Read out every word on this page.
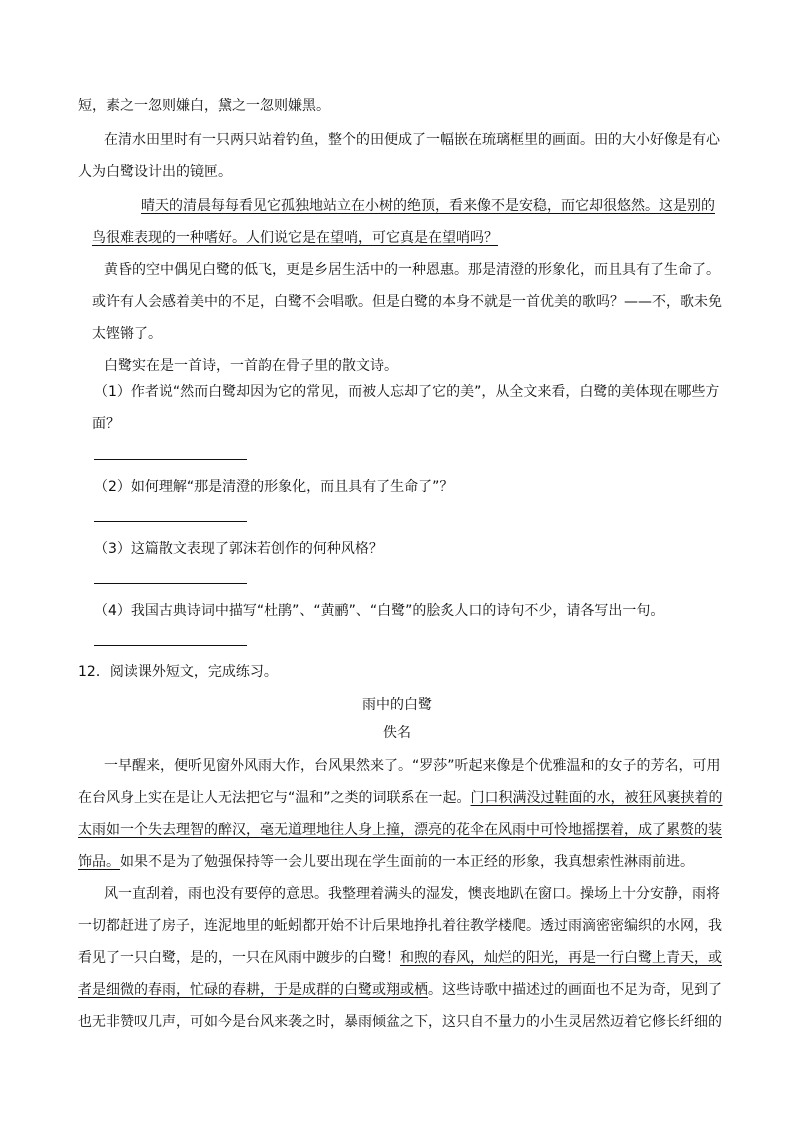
短，素之一忽则嫌白，黛之一忽则嫌黑。
在清水田里时有一只两只站着钓鱼，整个的田便成了一幅嵌在琉璃框里的画面。田的大小好像是有心
人为白鹭设计出的镜匣。
晴天的清晨每每看见它孤独地站立在小树的绝顶，看来像不是安稳，而它却很悠然。这是别的
鸟很难表现的一种嗜好。人们说它是在望哨，可它真是在望哨吗？
黄昏的空中偶见白鹭的低飞，更是乡居生活中的一种恩惠。那是清澄的形象化，而且具有了生命了。
或许有人会感着美中的不足，白鹭不会唱歌。但是白鹭的本身不就是一首优美的歌吗？——不，歌未免
太铿锵了。
白鹭实在是一首诗，一首韵在骨子里的散文诗。
（1）作者说“然而白鹭却因为它的常见，而被人忘却了它的美”，从全文来看，白鹭的美体现在哪些方
面？
（2）如何理解“那是清澄的形象化，而且具有了生命了”？
（3）这篇散文表现了郭沫若创作的何种风格？
（4）我国古典诗词中描写“杜鹃”、“黄鹂”、“白鹭”的脍炙人口的诗句不少，请各写出一句。
12．阅读课外短文，完成练习。
雨中的白鹭
佚名
一早醒来，便听见窗外风雨大作，台风果然来了。“罗莎”听起来像是个优雅温和的女子的芳名，可用
在台风身上实在是让人无法把它与“温和”之类的词联系在一起。门口积满没过鞋面的水，被狂风裹挟着的
太雨如一个失去理智的醉汉，毫无道理地往人身上撞，漂亮的花伞在风雨中可怜地摇摆着，成了累赘的装
饰品。如果不是为了勉强保持等一会儿要出现在学生面前的一本正经的形象，我真想索性淋雨前进。
风一直刮着，雨也没有要停的意思。我整理着满头的湿发，懊丧地趴在窗口。操场上十分安静，雨将
一切都赶进了房子，连泥地里的蚯蚓都开始不计后果地挣扎着往教学楼爬。透过雨滴密密编织的水网，我
看见了一只白鹭，是的，一只在风雨中踱步的白鹭！和煦的春风，灿烂的阳光，再是一行白鹭上青天，或
者是细微的春雨，忙碌的春耕，于是成群的白鹭或翔或栖。这些诗歌中描述过的画面也不足为奇，见到了
也无非赞叹几声，可如今是台风来袭之时，暴雨倾盆之下，这只自不量力的小生灵居然迈着它修长纤细的
